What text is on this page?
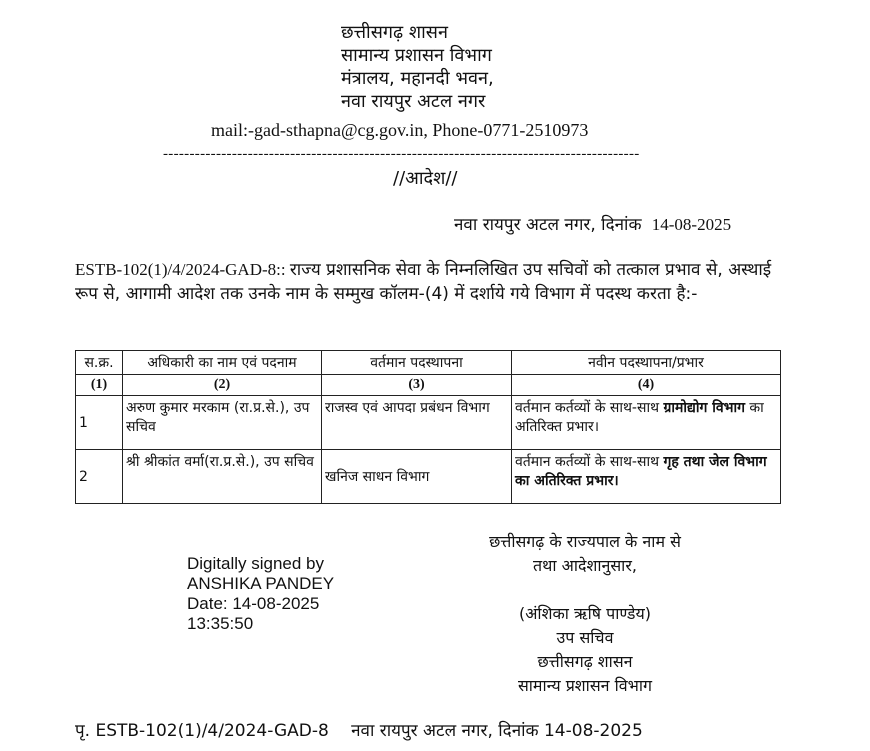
छत्तीसगढ़ शासन
सामान्य प्रशासन विभाग
मंत्रालय, महानदी भवन,
नवा रायपुर अटल नगर
mail:-gad-sthapna@cg.gov.in, Phone-0771-2510973
------------------------------------------------------------------------------------------
//आदेश//
नवा रायपुर अटल नगर, दिनांक 14-08-2025
ESTB-102(1)/4/2024-GAD-8:: राज्य प्रशासनिक सेवा के निम्नलिखित उप सचिवों को तत्काल प्रभाव से, अस्थाई रूप से, आगामी आदेश तक उनके नाम के सम्मुख कॉलम-(4) में दर्शाये गये विभाग में पदस्थ करता है:-
स.क्र.	अधिकारी का नाम एवं पदनाम	वर्तमान पदस्थापना	नवीन पदस्थापना/प्रभार
(1)	(2)	(3)	(4)
1	अरुण कुमार मरकाम (रा.प्र.से.), उप सचिव	राजस्व एवं आपदा प्रबंधन विभाग	वर्तमान कर्तव्यों के साथ-साथ ग्रामोद्योग विभाग का अतिरिक्त प्रभार।
2	श्री श्रीकांत वर्मा(रा.प्र.से.), उप सचिव	खनिज साधन विभाग	वर्तमान कर्तव्यों के साथ-साथ गृह तथा जेल विभाग का अतिरिक्त प्रभार।
Digitally signed by
ANSHIKA PANDEY
Date: 14-08-2025
13:35:50
छत्तीसगढ़ के राज्यपाल के नाम से
तथा आदेशानुसार,
(अंशिका ऋषि पाण्डेय)
उप सचिव
छत्तीसगढ़ शासन
सामान्य प्रशासन विभाग
पृ. ESTB-102(1)/4/2024-GAD-8 नवा रायपुर अटल नगर, दिनांक 14-08-2025
